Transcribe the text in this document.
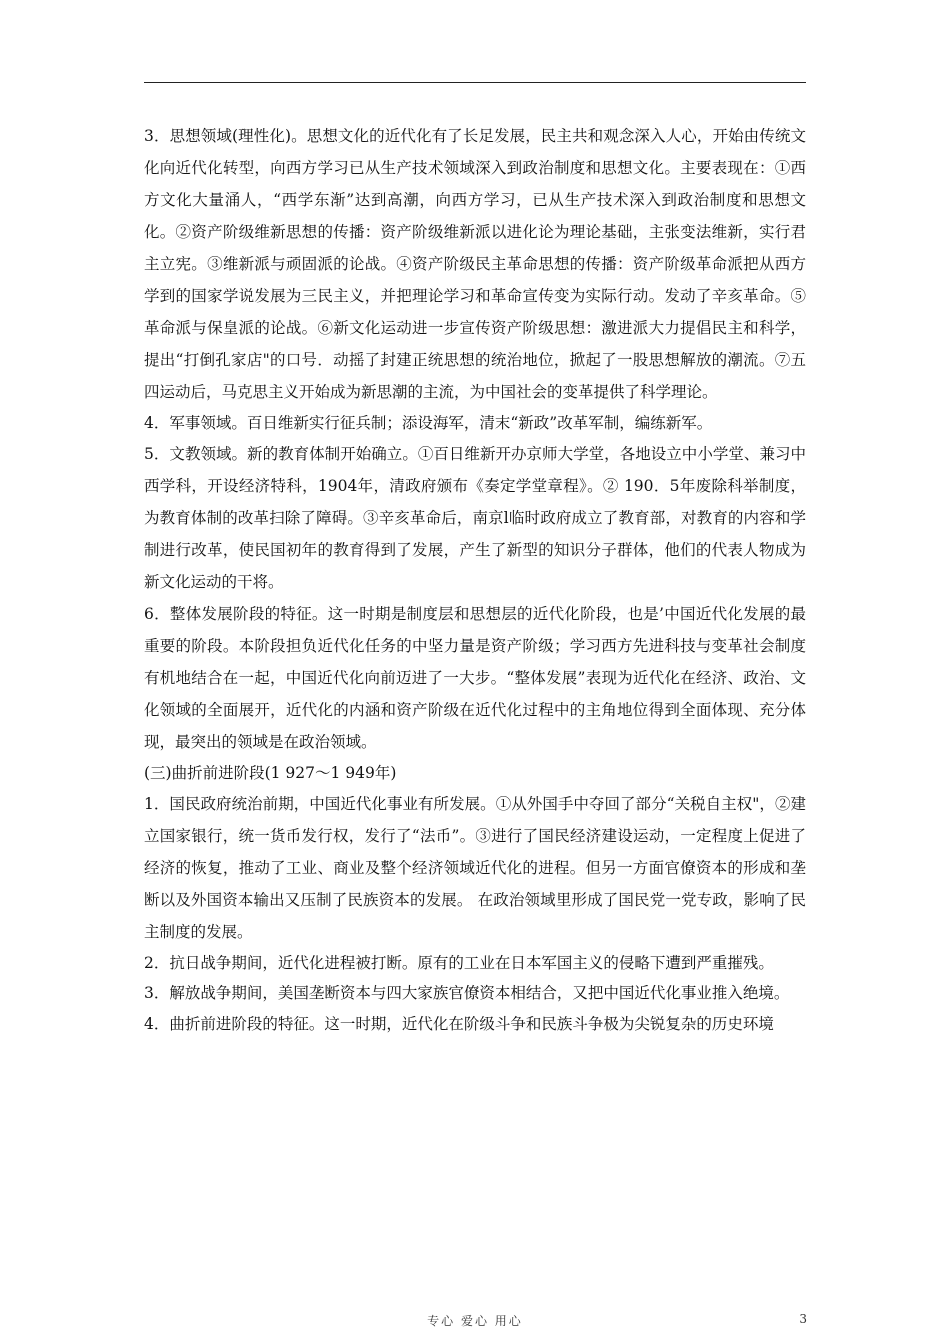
3．思想领域(理性化)。思想文化的近代化有了长足发展，民主共和观念深入人心，开始由传统文化向近代化转型，向西方学习已从生产技术领域深入到政治制度和思想文化。主要表现在：①西方文化大量涌人，“西学东渐”达到高潮，向西方学习，已从生产技术深入到政治制度和思想文化。②资产阶级维新思想的传播：资产阶级维新派以进化论为理论基础，主张变法维新，实行君主立宪。③维新派与顽固派的论战。④资产阶级民主革命思想的传播：资产阶级革命派把从西方学到的国家学说发展为三民主义，并把理论学习和革命宣传变为实际行动。发动了辛亥革命。⑤革命派与保皇派的论战。⑥新文化运动进一步宣传资产阶级思想：激进派大力提倡民主和科学，提出“打倒孔家店"的口号．动摇了封建正统思想的统治地位，掀起了一股思想解放的潮流。⑦五四运动后，马克思主义开始成为新思潮的主流，为中国社会的变革提供了科学理论。

4．军事领域。百日维新实行征兵制；添设海军，清末“新政”改革军制，编练新军。

5．文教领域。新的教育体制开始确立。①百日维新开办京师大学堂，各地设立中小学堂、兼习中西学科，开设经济特科，1904年，清政府颁布《奏定学堂章程》。② 190．5年废除科举制度，为教育体制的改革扫除了障碍。③辛亥革命后，南京l临时政府成立了教育部，对教育的内容和学制进行改革，使民国初年的教育得到了发展，产生了新型的知识分子群体，他们的代表人物成为新文化运动的干将。

6．整体发展阶段的特征。这一时期是制度层和思想层的近代化阶段，也是’中国近代化发展的最重要的阶段。本阶段担负近代化任务的中坚力量是资产阶级；学习西方先进科技与变革社会制度有机地结合在一起，中国近代化向前迈进了一大步。“整体发展”表现为近代化在经济、政治、文化领域的全面展开，近代化的内涵和资产阶级在近代化过程中的主角地位得到全面体现、充分体现，最突出的领域是在政治领域。

(三)曲折前进阶段(1 927～1 949年)

1．国民政府统治前期，中国近代化事业有所发展。①从外国手中夺回了部分“关税自主权"，②建立国家银行，统一货币发行权，发行了“法币”。③进行了国民经济建设运动，一定程度上促进了经济的恢复，推动了工业、商业及整个经济领域近代化的进程。但另一方面官僚资本的形成和垄断以及外国资本输出又压制了民族资本的发展。 在政治领域里形成了国民党一党专政，影响了民主制度的发展。

2．抗日战争期间，近代化进程被打断。原有的工业在日本军国主义的侵略下遭到严重摧残。

3．解放战争期间，美国垄断资本与四大家族官僚资本相结合，又把中国近代化事业推入绝境。

4．曲折前进阶段的特征。这一时期，近代化在阶级斗争和民族斗争极为尖锐复杂的历史环境

专心 爱心 用心	3
